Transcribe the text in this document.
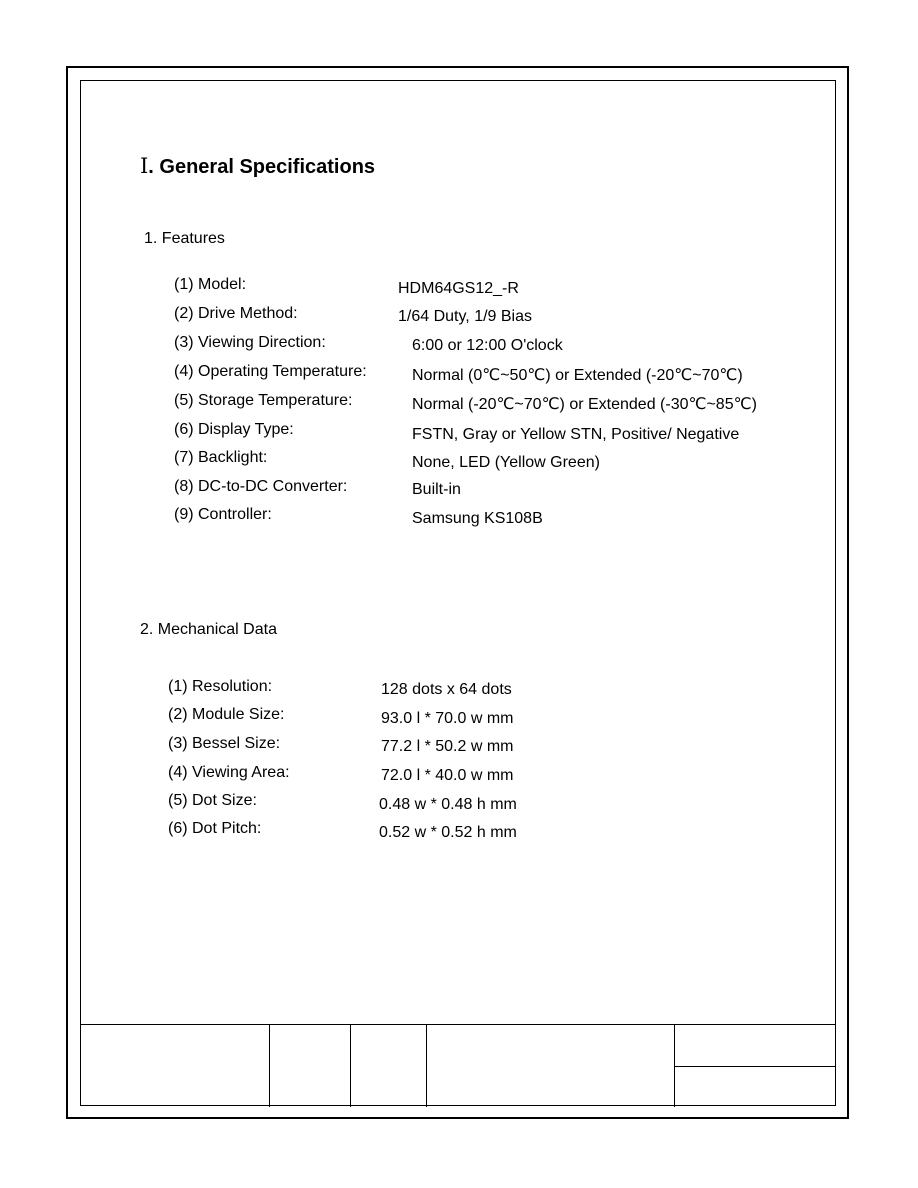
Ⅰ. General Specifications
1. Features
(1) Model:	HDM64GS12_-R
(2) Drive Method:	1/64 Duty, 1/9 Bias
(3) Viewing Direction:	6:00 or 12:00 O'clock
(4) Operating Temperature:	Normal (0℃~50℃) or Extended (-20℃~70℃)
(5) Storage Temperature:	Normal (-20℃~70℃) or Extended (-30℃~85℃)
(6) Display Type:	FSTN, Gray or Yellow STN, Positive/ Negative
(7) Backlight:	None, LED (Yellow Green)
(8) DC-to-DC Converter:	Built-in
(9) Controller:	Samsung KS108B
2. Mechanical Data
(1) Resolution:	128 dots x 64 dots
(2) Module Size:	93.0 l * 70.0 w mm
(3) Bessel Size:	77.2 l * 50.2 w mm
(4) Viewing Area:	72.0 l * 40.0 w mm
(5) Dot Size:	0.48 w * 0.48 h mm
(6) Dot Pitch:	0.52 w * 0.52 h mm
